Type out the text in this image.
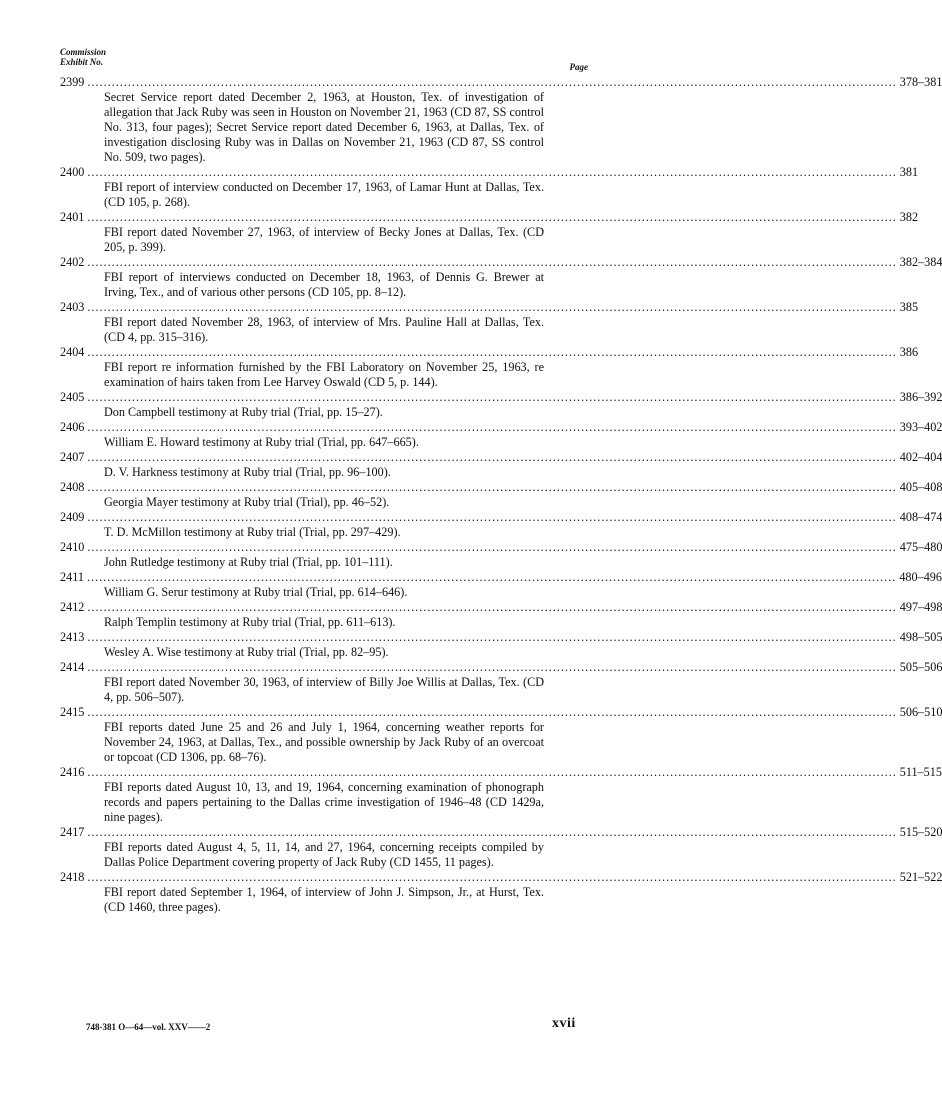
Commission
Exhibit No.	Page
2399 ........................................................................................................................................................................................................ 378–381
Secret Service report dated December 2, 1963, at Houston, Tex. of investigation of allegation that Jack Ruby was seen in Houston on November 21, 1963 (CD 87, SS control No. 313, four pages); Secret Service report dated December 6, 1963, at Dallas, Tex. of investigation disclosing Ruby was in Dallas on November 21, 1963 (CD 87, SS control No. 509, two pages).
2400 ........................................................................................................................................................................................................ 381
FBI report of interview conducted on December 17, 1963, of Lamar Hunt at Dallas, Tex. (CD 105, p. 268).
2401 ........................................................................................................................................................................................................ 382
FBI report dated November 27, 1963, of interview of Becky Jones at Dallas, Tex. (CD 205, p. 399).
2402 ........................................................................................................................................................................................................ 382–384
FBI report of interviews conducted on December 18, 1963, of Dennis G. Brewer at Irving, Tex., and of various other persons (CD 105, pp. 8–12).
2403 ........................................................................................................................................................................................................ 385
FBI report dated November 28, 1963, of interview of Mrs. Pauline Hall at Dallas, Tex. (CD 4, pp. 315–316).
2404 ........................................................................................................................................................................................................ 386
FBI report re information furnished by the FBI Laboratory on November 25, 1963, re examination of hairs taken from Lee Harvey Oswald (CD 5, p. 144).
2405 ........................................................................................................................................................................................................ 386–392
Don Campbell testimony at Ruby trial (Trial, pp. 15–27).
2406 ........................................................................................................................................................................................................ 393–402
William E. Howard testimony at Ruby trial (Trial, pp. 647–665).
2407 ........................................................................................................................................................................................................ 402–404
D. V. Harkness testimony at Ruby trial (Trial, pp. 96–100).
2408 ........................................................................................................................................................................................................ 405–408
Georgia Mayer testimony at Ruby trial (Trial), pp. 46–52).
2409 ........................................................................................................................................................................................................ 408–474
T. D. McMillon testimony at Ruby trial (Trial, pp. 297–429).
2410 ........................................................................................................................................................................................................ 475–480
John Rutledge testimony at Ruby trial (Trial, pp. 101–111).
2411 ........................................................................................................................................................................................................ 480–496
William G. Serur testimony at Ruby trial (Trial, pp. 614–646).
2412 ........................................................................................................................................................................................................ 497–498
Ralph Templin testimony at Ruby trial (Trial, pp. 611–613).
2413 ........................................................................................................................................................................................................ 498–505
Wesley A. Wise testimony at Ruby trial (Trial, pp. 82–95).
2414 ........................................................................................................................................................................................................ 505–506
FBI report dated November 30, 1963, of interview of Billy Joe Willis at Dallas, Tex. (CD 4, pp. 506–507).
2415 ........................................................................................................................................................................................................ 506–510
FBI reports dated June 25 and 26 and July 1, 1964, concerning weather reports for November 24, 1963, at Dallas, Tex., and possible ownership by Jack Ruby of an overcoat or topcoat (CD 1306, pp. 68–76).
2416 ........................................................................................................................................................................................................ 511–515
FBI reports dated August 10, 13, and 19, 1964, concerning examination of phonograph records and papers pertaining to the Dallas crime investigation of 1946–48 (CD 1429a, nine pages).
2417 ........................................................................................................................................................................................................ 515–520
FBI reports dated August 4, 5, 11, 14, and 27, 1964, concerning receipts compiled by Dallas Police Department covering property of Jack Ruby (CD 1455, 11 pages).
2418 ........................................................................................................................................................................................................ 521–522
FBI report dated September 1, 1964, of interview of John J. Simpson, Jr., at Hurst, Tex. (CD 1460, three pages).
748-381 O—64—vol. XXV——2	xvii
